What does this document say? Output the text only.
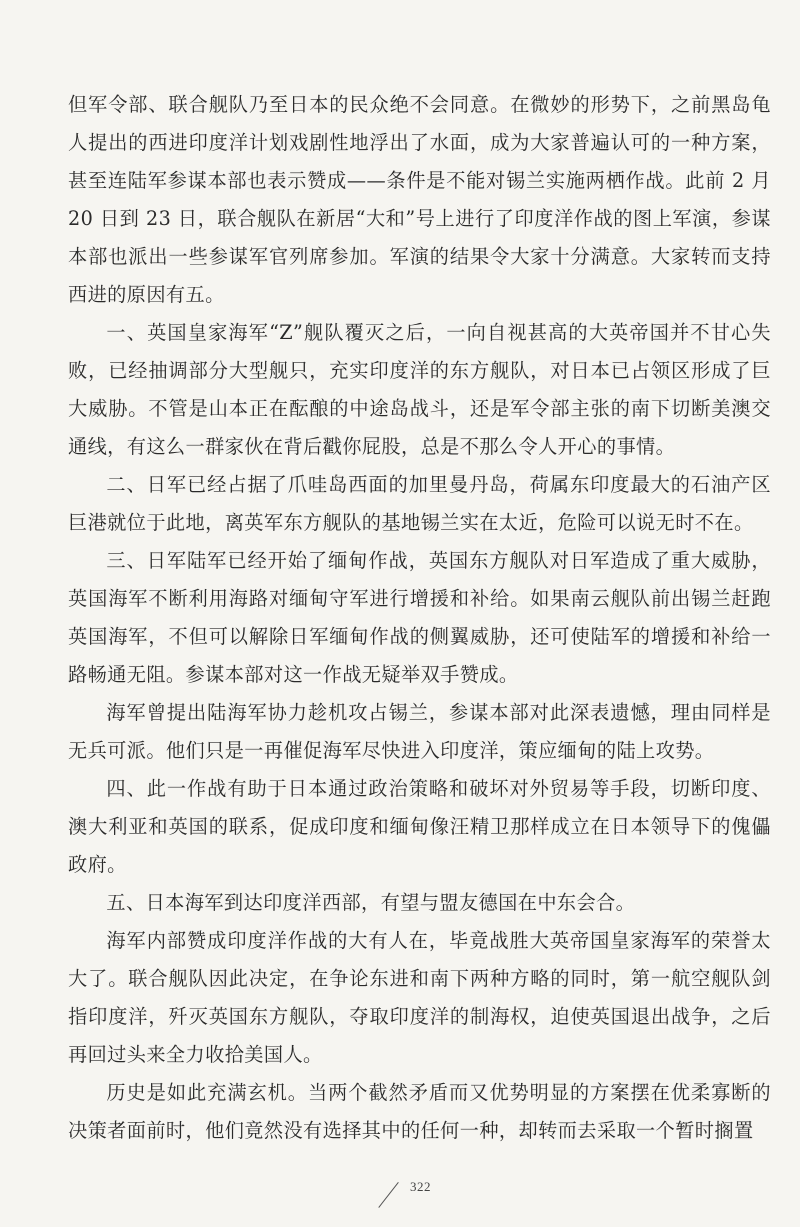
但军令部、联合舰队乃至日本的民众绝不会同意。在微妙的形势下，之前黑岛龟人提出的西进印度洋计划戏剧性地浮出了水面，成为大家普遍认可的一种方案，甚至连陆军参谋本部也表示赞成——条件是不能对锡兰实施两栖作战。此前 2 月 20 日到 23 日，联合舰队在新居“大和”号上进行了印度洋作战的图上军演，参谋本部也派出一些参谋军官列席参加。军演的结果令大家十分满意。大家转而支持西进的原因有五。

一、英国皇家海军“Z”舰队覆灭之后，一向自视甚高的大英帝国并不甘心失败，已经抽调部分大型舰只，充实印度洋的东方舰队，对日本已占领区形成了巨大威胁。不管是山本正在酝酿的中途岛战斗，还是军令部主张的南下切断美澳交通线，有这么一群家伙在背后戳你屁股，总是不那么令人开心的事情。

二、日军已经占据了爪哇岛西面的加里曼丹岛，荷属东印度最大的石油产区巨港就位于此地，离英军东方舰队的基地锡兰实在太近，危险可以说无时不在。

三、日军陆军已经开始了缅甸作战，英国东方舰队对日军造成了重大威胁，英国海军不断利用海路对缅甸守军进行增援和补给。如果南云舰队前出锡兰赶跑英国海军，不但可以解除日军缅甸作战的侧翼威胁，还可使陆军的增援和补给一路畅通无阻。参谋本部对这一作战无疑举双手赞成。

海军曾提出陆海军协力趁机攻占锡兰，参谋本部对此深表遗憾，理由同样是无兵可派。他们只是一再催促海军尽快进入印度洋，策应缅甸的陆上攻势。

四、此一作战有助于日本通过政治策略和破坏对外贸易等手段，切断印度、澳大利亚和英国的联系，促成印度和缅甸像汪精卫那样成立在日本领导下的傀儡政府。

五、日本海军到达印度洋西部，有望与盟友德国在中东会合。

海军内部赞成印度洋作战的大有人在，毕竟战胜大英帝国皇家海军的荣誉太大了。联合舰队因此决定，在争论东进和南下两种方略的同时，第一航空舰队剑指印度洋，歼灭英国东方舰队，夺取印度洋的制海权，迫使英国退出战争，之后再回过头来全力收拾美国人。

历史是如此充满玄机。当两个截然矛盾而又优势明显的方案摆在优柔寡断的决策者面前时，他们竟然没有选择其中的任何一种，却转而去采取一个暂时搁置

322
